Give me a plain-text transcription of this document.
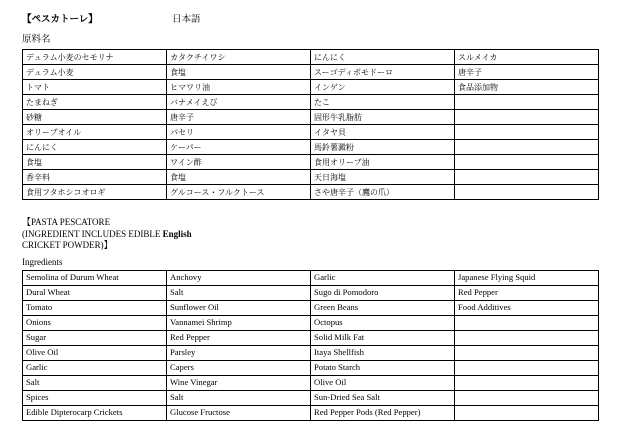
【ペスカトーレ】	日本語
原料名
デュラム小麦のセモリナ	カタクチイワシ	にんにく	スルメイカ
デュラム小麦	食塩	スーゴディポモドーロ	唐辛子
トマト	ヒマワリ油	インゲン	食品添加物
たまねぎ	バナメイえび	たこ	
砂糖	唐辛子	固形牛乳脂肪	
オリーブオイル	パセリ	イタヤ貝	
にんにく	ケーパー	馬鈴薯澱粉	
食塩	ワイン酢	食用オリーブ油	
香辛料	食塩	天日海塩	
食用フタホシコオロギ	グルコース・フルクトース	さや唐辛子（鷹の爪）	
【PASTA PESCATORE
(INGREDIENT INCLUDES EDIBLE English
CRICKET POWDER)】
Ingredients
Semolina of Durum Wheat	Anchovy	Garlic	Japanese Flying Squid
Dural Wheat	Salt	Sugo di Pomodoro	Red Pepper
Tomato	Sunflower Oil	Green Beans	Food Additives
Onions	Vannamei Shrimp	Octopus	
Sugar	Red Pepper	Solid Milk Fat	
Olive Oil	Parsley	Itaya Shellfish	
Garlic	Capers	Potato Starch	
Salt	Wine Vinegar	Olive Oil	
Spices	Salt	Sun-Dried Sea Salt	
Edible Dipterocarp Crickets	Glucose Fructose	Red Pepper Pods (Red Pepper)	
